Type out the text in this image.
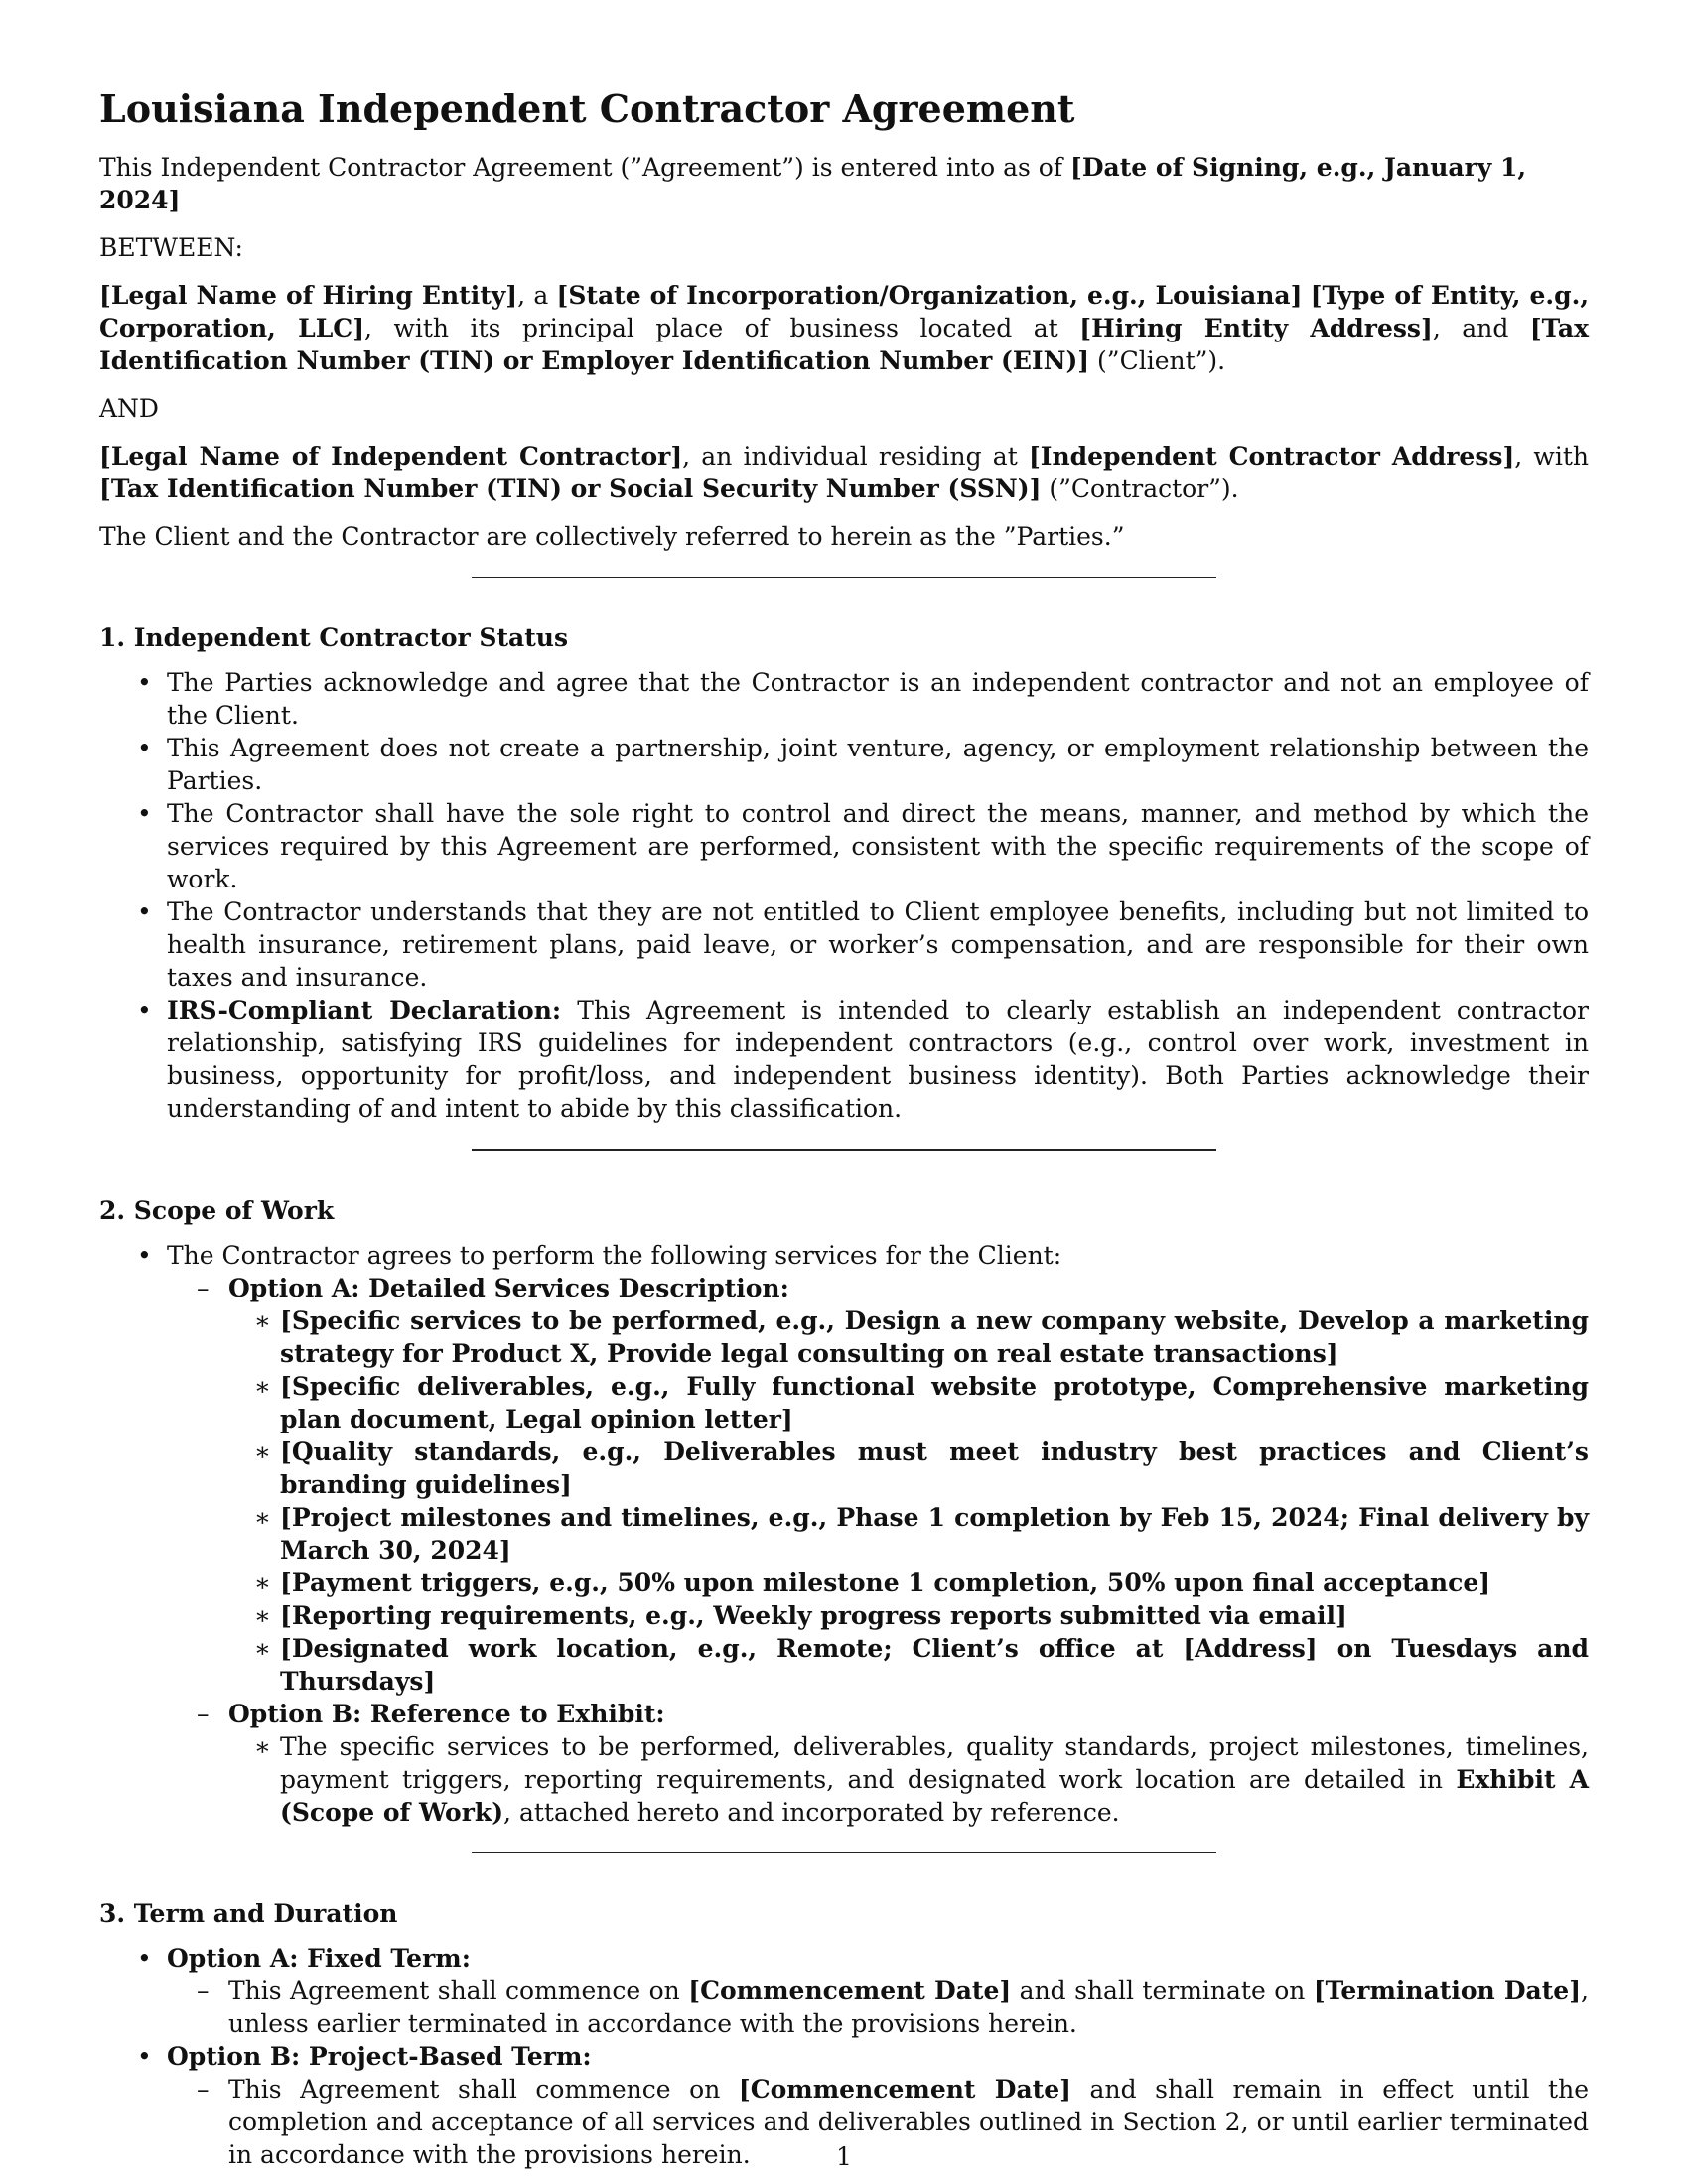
Louisiana Independent Contractor Agreement

This Independent Contractor Agreement (”Agreement”) is entered into as of [Date of Signing, e.g., January 1, 2024]

BETWEEN:

[Legal Name of Hiring Entity], a [State of Incorporation/Organization, e.g., Louisiana] [Type of Entity, e.g., Corporation, LLC], with its principal place of business located at [Hiring Entity Address], and [Tax Identification Number (TIN) or Employer Identification Number (EIN)] (”Client”).

AND

[Legal Name of Independent Contractor], an individual residing at [Independent Contractor Address], with [Tax Identification Number (TIN) or Social Security Number (SSN)] (”Contractor”).

The Client and the Contractor are collectively referred to herein as the ”Parties.”

1. Independent Contractor Status
• The Parties acknowledge and agree that the Contractor is an independent contractor and not an employee of the Client.
• This Agreement does not create a partnership, joint venture, agency, or employment relationship between the Parties.
• The Contractor shall have the sole right to control and direct the means, manner, and method by which the services required by this Agreement are performed, consistent with the specific requirements of the scope of work.
• The Contractor understands that they are not entitled to Client employee benefits, including but not limited to health insurance, retirement plans, paid leave, or worker’s compensation, and are responsible for their own taxes and insurance.
• IRS-Compliant Declaration: This Agreement is intended to clearly establish an independent contractor relationship, satisfying IRS guidelines for independent contractors (e.g., control over work, investment in business, opportunity for profit/loss, and independent business identity). Both Parties acknowledge their understanding of and intent to abide by this classification.
2. Scope of Work
• The Contractor agrees to perform the following services for the Client:
– Option A: Detailed Services Description:
∗ [Specific services to be performed, e.g., Design a new company website, Develop a marketing strategy for Product X, Provide legal consulting on real estate transactions]
∗ [Specific deliverables, e.g., Fully functional website prototype, Comprehensive marketing plan document, Legal opinion letter]
∗ [Quality standards, e.g., Deliverables must meet industry best practices and Client’s branding guidelines]
∗ [Project milestones and timelines, e.g., Phase 1 completion by Feb 15, 2024; Final delivery by March 30, 2024]
∗ [Payment triggers, e.g., 50% upon milestone 1 completion, 50% upon final acceptance]
∗ [Reporting requirements, e.g., Weekly progress reports submitted via email]
∗ [Designated work location, e.g., Remote; Client’s office at [Address] on Tuesdays and Thursdays]
– Option B: Reference to Exhibit:
∗ The specific services to be performed, deliverables, quality standards, project milestones, timelines, payment triggers, reporting requirements, and designated work location are detailed in Exhibit A (Scope of Work), attached hereto and incorporated by reference.
3. Term and Duration
• Option A: Fixed Term:
– This Agreement shall commence on [Commencement Date] and shall terminate on [Termination Date], unless earlier terminated in accordance with the provisions herein.
• Option B: Project-Based Term:
– This Agreement shall commence on [Commencement Date] and shall remain in effect until the completion and acceptance of all services and deliverables outlined in Section 2, or until earlier terminated in accordance with the provisions herein.	1
